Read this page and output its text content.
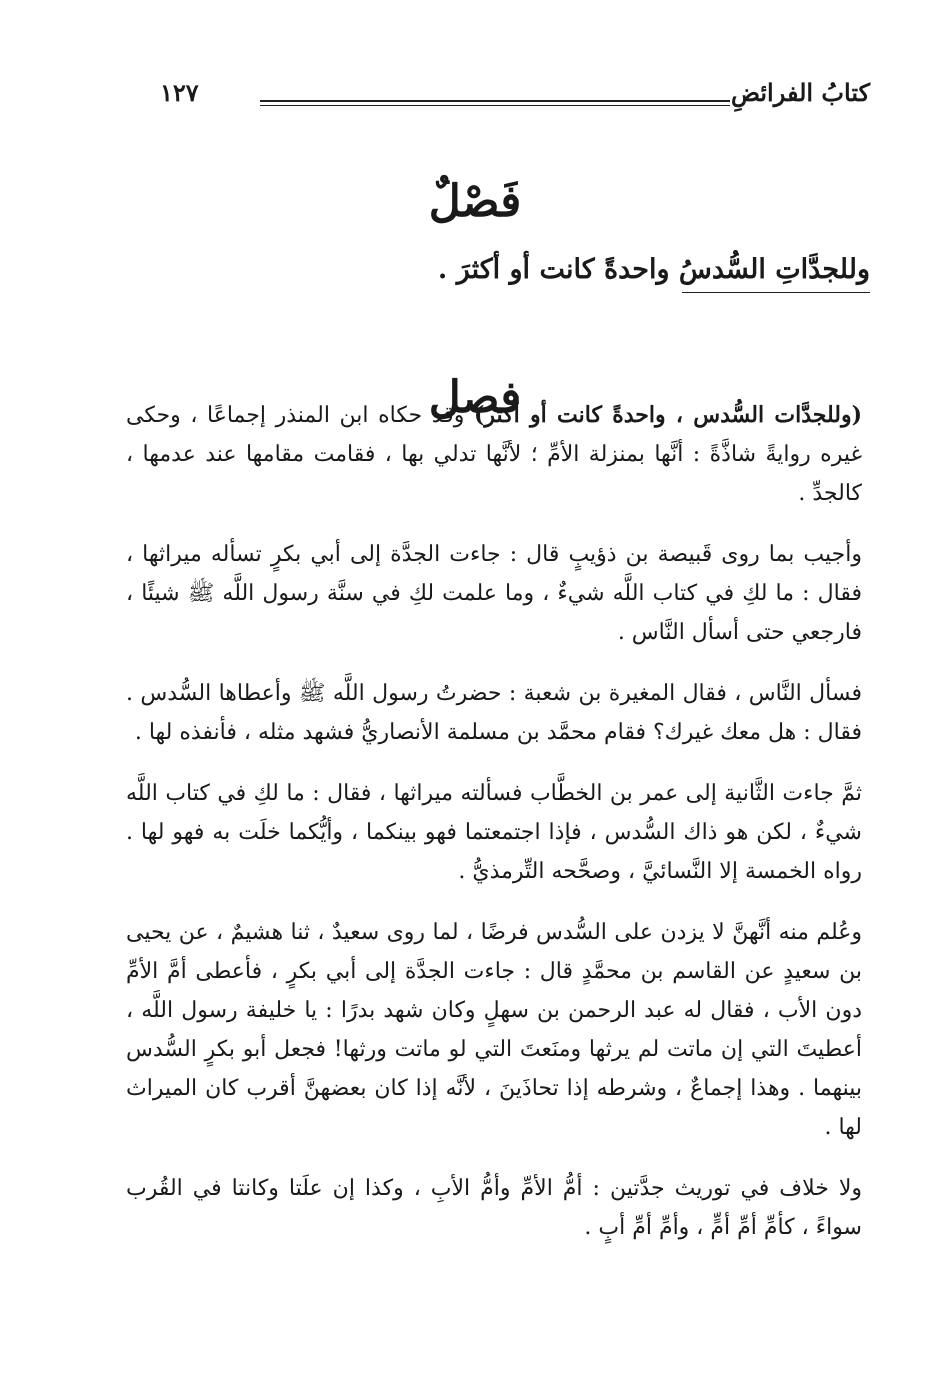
كتابُ الفرائضِ
١٢٧
فَصْلٌ

وللجدَّاتِ السُّدسُ واحدةً كانت أو أكثرَ .

فصل

(وللجدَّات السُّدس ، واحدةً كانت أو أكثر) وقد حكاه ابن المنذر إجماعًا ، وحكى غيره روايةً شاذَّةً : أنَّها بمنزلة الأمِّ ؛ لأنَّها تدلي بها ، فقامت مقامها عند عدمها ، كالجدِّ .

وأجيب بما روى قَبيصة بن ذؤيبٍ قال : جاءت الجدَّة إلى أبي بكرٍ تسأله ميراثها ، فقال : ما لكِ في كتاب اللَّه شيءٌ ، وما علمت لكِ في سنَّة رسول اللَّه ﷺ شيئًا ، فارجعي حتى أسأل النَّاس .

فسأل النَّاس ، فقال المغيرة بن شعبة : حضرتُ رسول اللَّه ﷺ وأعطاها السُّدس . فقال : هل معك غيرك؟ فقام محمَّد بن مسلمة الأنصاريُّ فشهد مثله ، فأنفذه لها .

ثمَّ جاءت الثَّانية إلى عمر بن الخطَّاب فسألته ميراثها ، فقال : ما لكِ في كتاب اللَّه شيءٌ ، لكن هو ذاك السُّدس ، فإذا اجتمعتما فهو بينكما ، وأيُّكما خلَت به فهو لها . رواه الخمسة إلا النَّسائيَّ ، وصحَّحه التِّرمذيُّ .

وعُلم منه أنَّهنَّ لا يزدن على السُّدس فرضًا ، لما روى سعيدٌ ، ثنا هشيمٌ ، عن يحيى بن سعيدٍ عن القاسم بن محمَّدٍ قال : جاءت الجدَّة إلى أبي بكرٍ ، فأعطى أمَّ الأمِّ دون الأب ، فقال له عبد الرحمن بن سهلٍ وكان شهد بدرًا : يا خليفة رسول اللَّه ، أعطيتَ التي إن ماتت لم يرثها ومنَعتَ التي لو ماتت ورثها! فجعل أبو بكرٍ السُّدس بينهما . وهذا إجماعٌ ، وشرطه إذا تحاذَينَ ، لأنَّه إذا كان بعضهنَّ أقرب كان الميراث لها .

ولا خلاف في توريث جدَّتين : أمُّ الأمِّ وأمُّ الأبِ ، وكذا إن علَتا وكانتا في القُرب سواءً ، كأمِّ أمِّ أمٍّ ، وأمِّ أمِّ أبٍ .
